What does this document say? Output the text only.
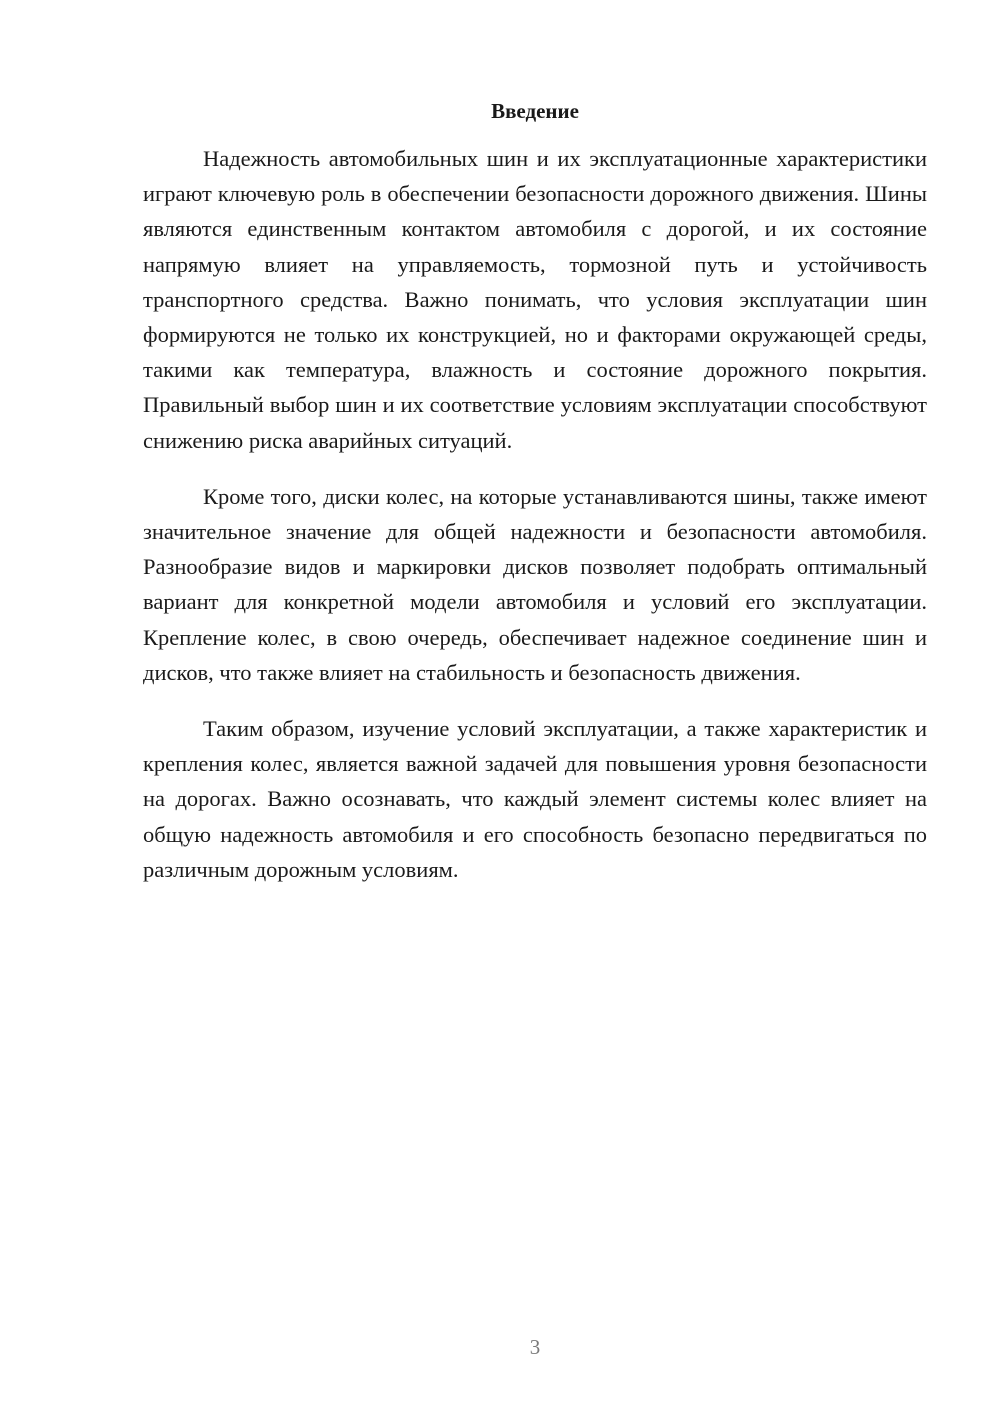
Введение

Надежность автомобильных шин и их эксплуатационные характеристики играют ключевую роль в обеспечении безопасности дорожного движения. Шины являются единственным контактом автомобиля с дорогой, и их состояние напрямую влияет на управляемость, тормозной путь и устойчивость транспортного средства. Важно понимать, что условия эксплуатации шин формируются не только их конструкцией, но и факторами окружающей среды, такими как температура, влажность и состояние дорожного покрытия. Правильный выбор шин и их соответствие условиям эксплуатации способствуют снижению риска аварийных ситуаций.

Кроме того, диски колес, на которые устанавливаются шины, также имеют значительное значение для общей надежности и безопасности автомобиля. Разнообразие видов и маркировки дисков позволяет подобрать оптимальный вариант для конкретной модели автомобиля и условий его эксплуатации. Крепление колес, в свою очередь, обеспечивает надежное соединение шин и дисков, что также влияет на стабильность и безопасность движения.

Таким образом, изучение условий эксплуатации, а также характеристик и крепления колес, является важной задачей для повышения уровня безопасности на дорогах. Важно осознавать, что каждый элемент системы колес влияет на общую надежность автомобиля и его способность безопасно передвигаться по различным дорожным условиям.

3
